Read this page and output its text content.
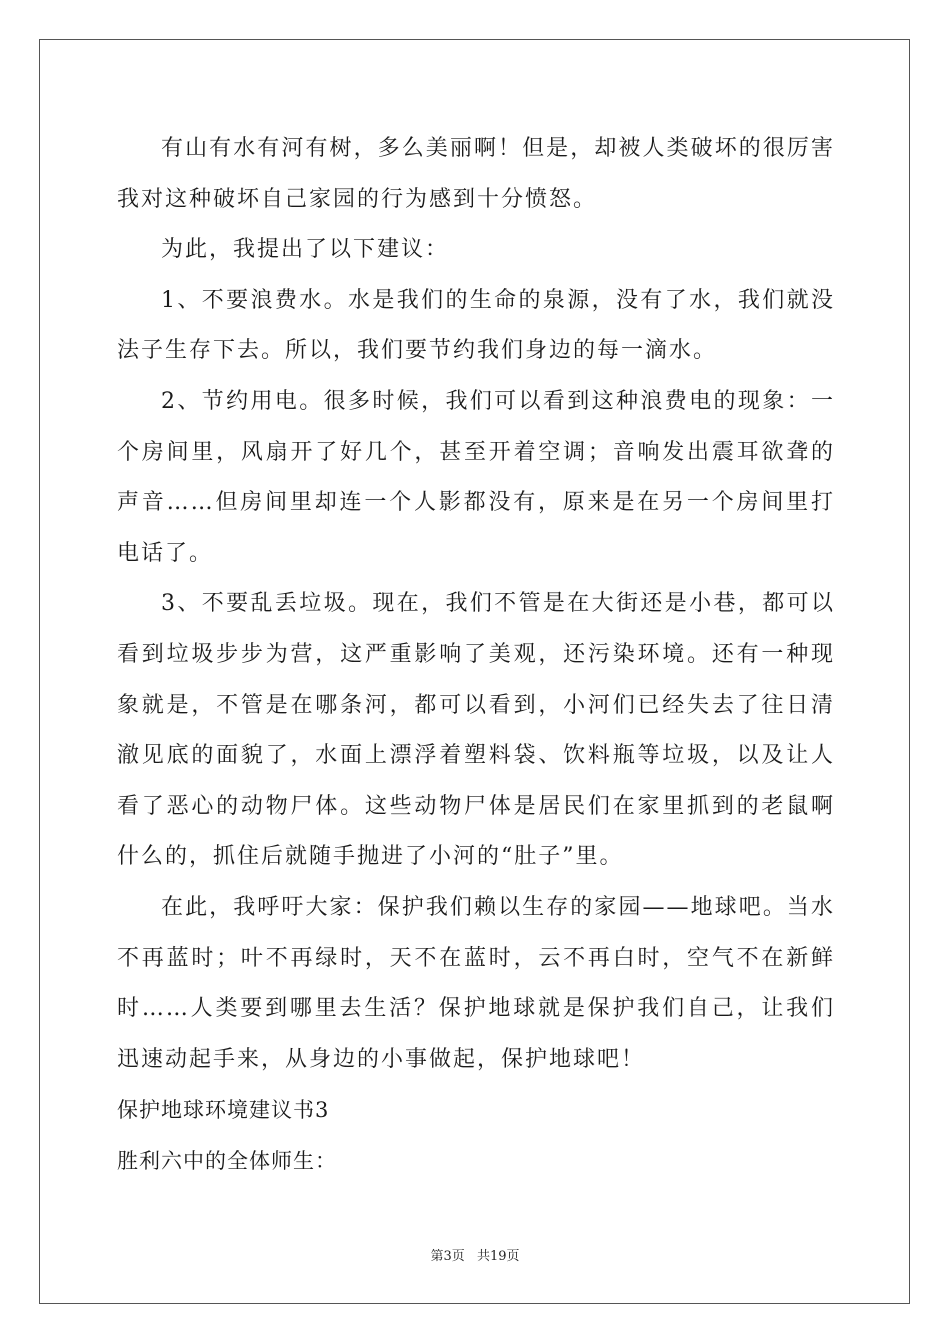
有山有水有河有树，多么美丽啊！但是，却被人类破坏的很厉害我对这种破坏自己家园的行为感到十分愤怒。

为此，我提出了以下建议：

1、不要浪费水。水是我们的生命的泉源，没有了水，我们就没法子生存下去。所以，我们要节约我们身边的每一滴水。

2、节约用电。很多时候，我们可以看到这种浪费电的现象：一个房间里，风扇开了好几个，甚至开着空调；音响发出震耳欲聋的声音……但房间里却连一个人影都没有，原来是在另一个房间里打电话了。

3、不要乱丢垃圾。现在，我们不管是在大街还是小巷，都可以看到垃圾步步为营，这严重影响了美观，还污染环境。还有一种现象就是，不管是在哪条河，都可以看到，小河们已经失去了往日清澈见底的面貌了，水面上漂浮着塑料袋、饮料瓶等垃圾，以及让人看了恶心的动物尸体。这些动物尸体是居民们在家里抓到的老鼠啊什么的，抓住后就随手抛进了小河的“肚子”里。

在此，我呼吁大家：保护我们赖以生存的家园——地球吧。当水不再蓝时；叶不再绿时，天不在蓝时，云不再白时，空气不在新鲜时……人类要到哪里去生活？保护地球就是保护我们自己，让我们迅速动起手来，从身边的小事做起，保护地球吧！

保护地球环境建议书3

胜利六中的全体师生：

第3页 共19页
